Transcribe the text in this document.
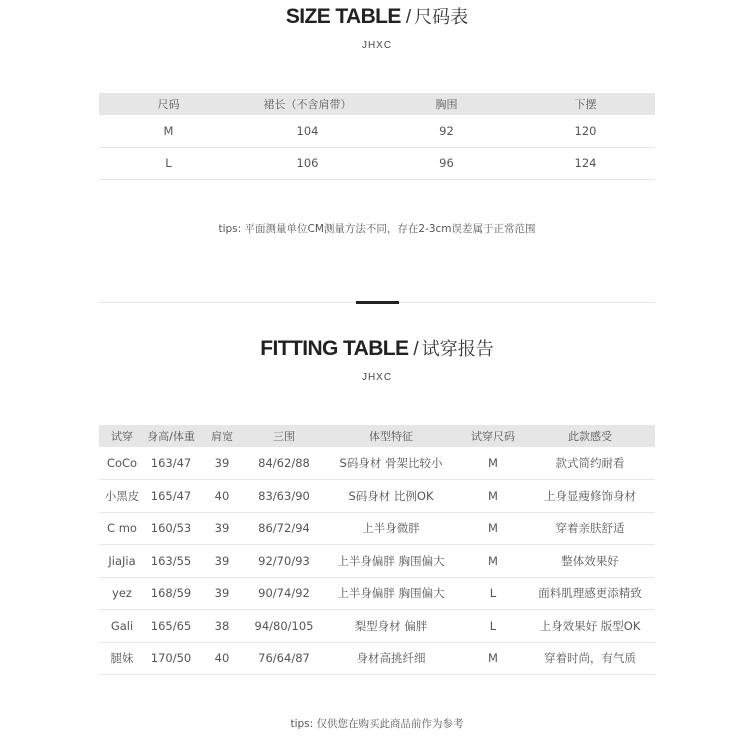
SIZE TABLE / 尺码表
JHXC
尺码	裙长（不含肩带）	胸围	下摆
M	104	92	120
L	106	96	124
tips: 平面测量单位CM测量方法不同，存在2-3cm误差属于正常范围
FITTING TABLE / 试穿报告
JHXC
试穿	身高/体重	肩宽	三围	体型特征	试穿尺码	此款感受
CoCo	163/47	39	84/62/88	S码身材 骨架比较小	M	款式简约耐看
小黑皮	165/47	40	83/63/90	S码身材 比例OK	M	上身显瘦修饰身材
C mo	160/53	39	86/72/94	上半身微胖	M	穿着亲肤舒适
JiaJia	163/55	39	92/70/93	上半身偏胖 胸围偏大	M	整体效果好
yez	168/59	39	90/74/92	上半身偏胖 胸围偏大	L	面料肌理感更添精致
Gali	165/65	38	94/80/105	梨型身材 偏胖	L	上身效果好 版型OK
腿妹	170/50	40	76/64/87	身材高挑纤细	M	穿着时尚，有气质
tips: 仅供您在购买此商品前作为参考
